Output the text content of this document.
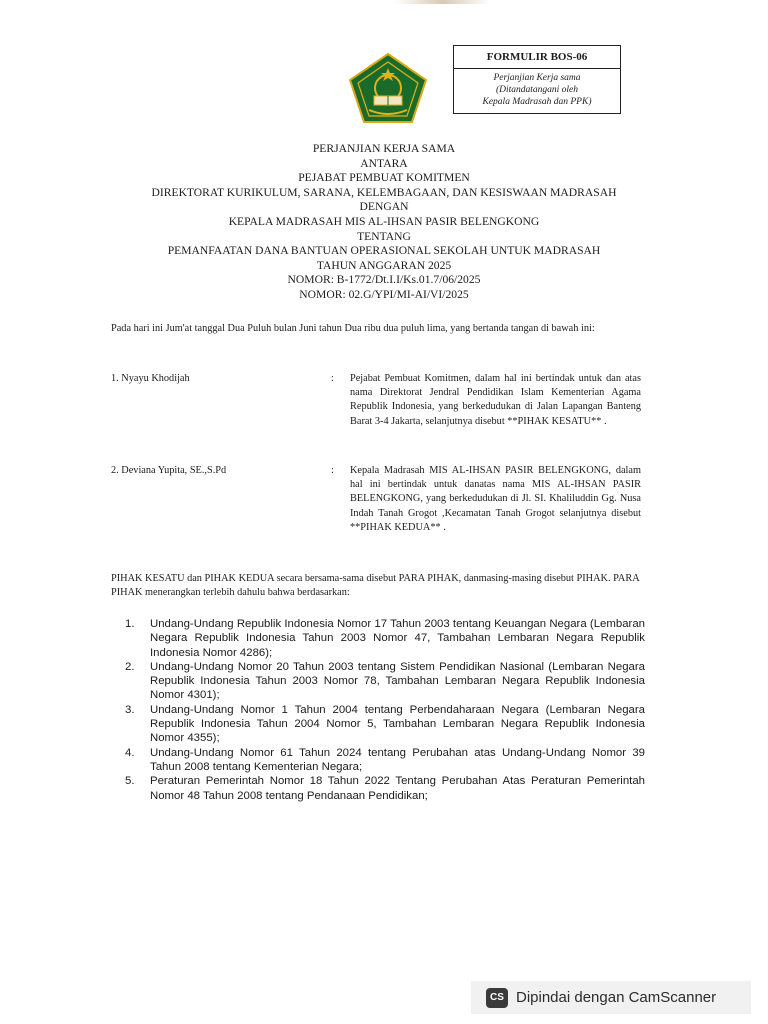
FORMULIR BOS-06
Perjanjian Kerja sama
(Ditandatangani oleh
Kepala Madrasah dan PPK)
PERJANJIAN KERJA SAMA
ANTARA
PEJABAT PEMBUAT KOMITMEN
DIREKTORAT KURIKULUM, SARANA, KELEMBAGAAN, DAN KESISWAAN MADRASAH
DENGAN
KEPALA MADRASAH MIS AL-IHSAN PASIR BELENGKONG
TENTANG
PEMANFAATAN DANA BANTUAN OPERASIONAL SEKOLAH UNTUK MADRASAH
TAHUN ANGGARAN 2025
NOMOR: B-1772/Dt.I.I/Ks.01.7/06/2025
NOMOR: 02.G/YPI/MI-AI/VI/2025
Pada hari ini Jum'at tanggal Dua Puluh bulan Juni tahun Dua ribu dua puluh lima, yang bertanda tangan di bawah ini:
1. Nyayu Khodijah	: Pejabat Pembuat Komitmen, dalam hal ini bertindak untuk dan atas nama Direktorat Jendral Pendidikan Islam Kementerian Agama Republik Indonesia, yang berkedudukan di Jalan Lapangan Banteng Barat 3-4 Jakarta, selanjutnya disebut **PIHAK KESATU** .
2. Deviana Yupita, SE.,S.Pd	: Kepala Madrasah MIS AL-IHSAN PASIR BELENGKONG, dalam hal ini bertindak untuk danatas nama MIS AL-IHSAN PASIR BELENGKONG, yang berkedudukan di Jl. SI. Khaliluddin Gg. Nusa Indah Tanah Grogot ,Kecamatan Tanah Grogot selanjutnya disebut **PIHAK KEDUA** .
PIHAK KESATU dan PIHAK KEDUA secara bersama-sama disebut PARA PIHAK, danmasing-masing disebut PIHAK. PARA PIHAK menerangkan terlebih dahulu bahwa berdasarkan:
1. Undang-Undang Republik Indonesia Nomor 17 Tahun 2003 tentang Keuangan Negara (Lembaran Negara Republik Indonesia Tahun 2003 Nomor 47, Tambahan Lembaran Negara Republik Indonesia Nomor 4286);
2. Undang-Undang Nomor 20 Tahun 2003 tentang Sistem Pendidikan Nasional (Lembaran Negara Republik Indonesia Tahun 2003 Nomor 78, Tambahan Lembaran Negara Republik Indonesia Nomor 4301);
3. Undang-Undang Nomor 1 Tahun 2004 tentang Perbendaharaan Negara (Lembaran Negara Republik Indonesia Tahun 2004 Nomor 5, Tambahan Lembaran Negara Republik Indonesia Nomor 4355);
4. Undang-Undang Nomor 61 Tahun 2024 tentang Perubahan atas Undang-Undang Nomor 39 Tahun 2008 tentang Kementerian Negara;
5. Peraturan Pemerintah Nomor 18 Tahun 2022 Tentang Perubahan Atas Peraturan Pemerintah Nomor 48 Tahun 2008 tentang Pendanaan Pendidikan;
CS Dipindai dengan CamScanner
